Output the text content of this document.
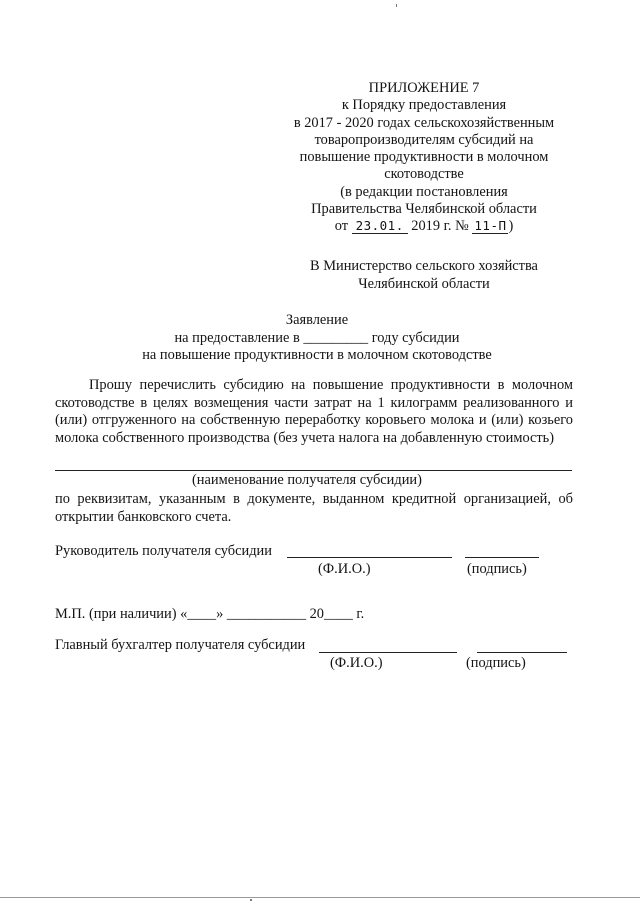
ПРИЛОЖЕНИЕ 7
к Порядку предоставления
в 2017 - 2020 годах сельскохозяйственным
товаропроизводителям субсидий на
повышение продуктивности в молочном
скотоводстве
(в редакции постановления
Правительства Челябинской области
от 23.01. 2019 г. № 11-П )
В Министерство сельского хозяйства
Челябинской области
Заявление
на предоставление в _________ году субсидии
на повышение продуктивности в молочном скотоводстве
Прошу перечислить субсидию на повышение продуктивности в молочном скотоводстве в целях возмещения части затрат на 1 килограмм реализованного и (или) отгруженного на собственную переработку коровьего молока и (или) козьего молока собственного производства (без учета налога на добавленную стоимость)
(наименование получателя субсидии)
по реквизитам, указанным в документе, выданном кредитной организацией, об открытии банковского счета.
Руководитель получателя субсидии
(Ф.И.О.)	(подпись)
М.П. (при наличии) «____» ___________ 20____ г.
Главный бухгалтер получателя субсидии
(Ф.И.О.)	(подпись)
